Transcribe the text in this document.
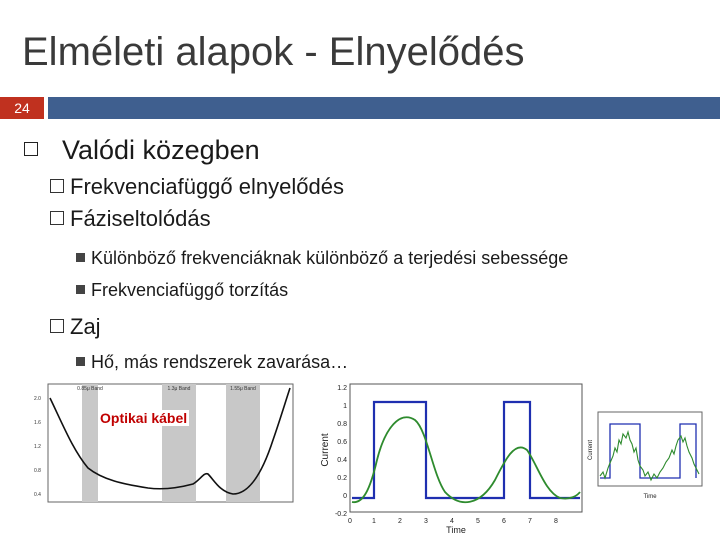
Elméleti alapok - Elnyelődés
24
Valódi közegben
Frekvenciafüggő elnyelődés
Fáziseltolódás
Különböző frekvenciáknak különböző a terjedési sebessége
Frekvenciafüggő torzítás
Zaj
Hő, más rendszerek zavarása…
0.85μ Band	1.3μ Band	1.55μ Band
2.0
1.6
1.2
0.8
0.4
Optikai kábel
1.2
1
0.8
0.6
0.4
0.2
0
-0.2
0	1	2	3	4	5	6	7	8
Current
Time
Current
Time
